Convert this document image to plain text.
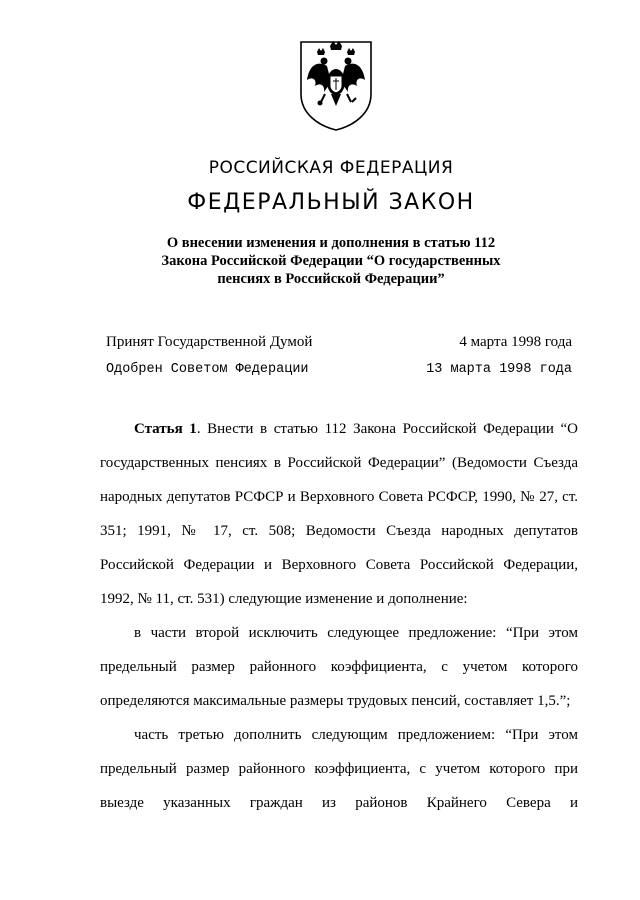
РОССИЙСКАЯ ФЕДЕРАЦИЯ
ФЕДЕРАЛЬНЫЙ ЗАКОН
О внесении изменения и дополнения в статью 112
Закона Российской Федерации “О государственных
пенсиях в Российской Федерации”
Принят Государственной Думой	4 марта 1998 года
Одобрен Советом Федерации	13 марта 1998 года

Статья 1. Внести в статью 112 Закона Российской Федерации “О государственных пенсиях в Российской Федерации” (Ведомости Съезда народных депутатов РСФСР и Верховного Совета РСФСР, 1990, № 27, ст. 351; 1991, № 17, ст. 508; Ведомости Съезда народных депутатов Российской Федерации и Верховного Совета Российской Федерации, 1992, № 11, ст. 531) следующие изменение и дополнение:

в части второй исключить следующее предложение: “При этом предельный размер районного коэффициента, с учетом которого определяются максимальные размеры трудовых пенсий, составляет 1,5.”;

часть третью дополнить следующим предложением: “При этом предельный размер районного коэффициента, с учетом которого при выезде указанных граждан из районов Крайнего Севера и
